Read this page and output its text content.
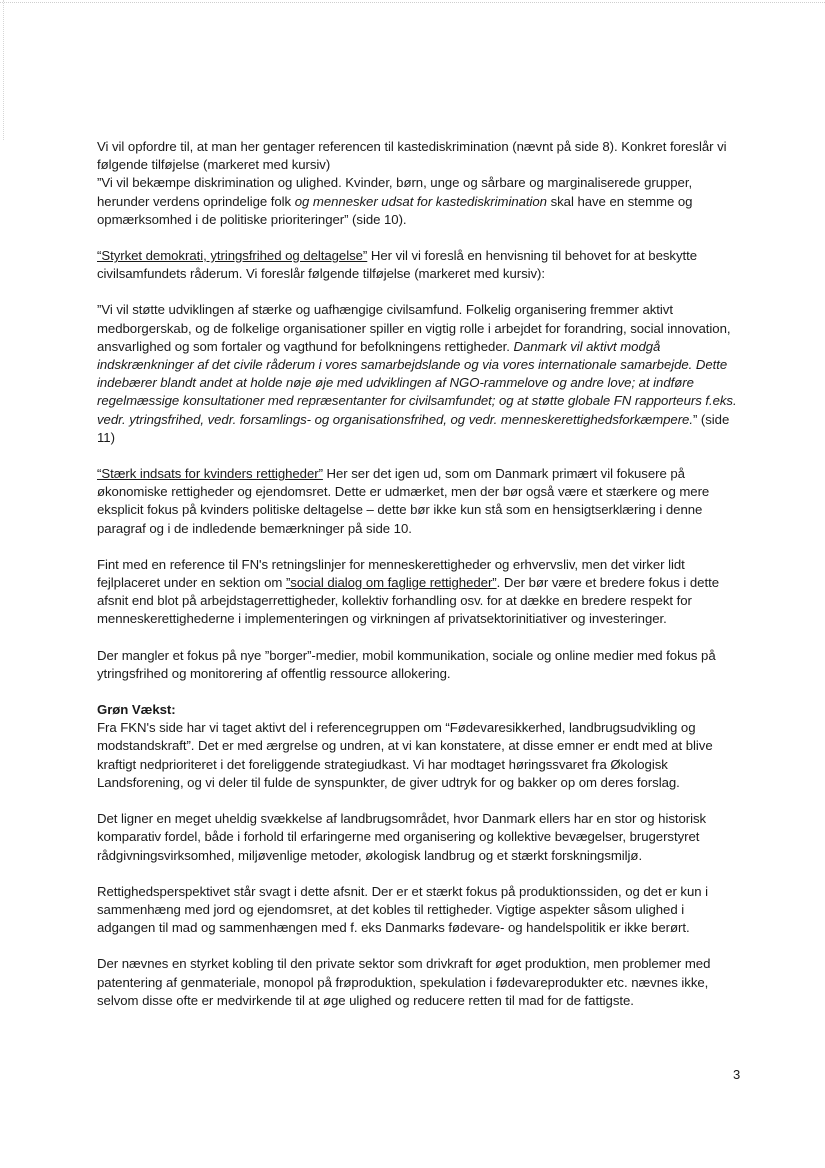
Vi vil opfordre til, at man her gentager referencen til kastediskrimination (nævnt på side 8). Konkret foreslår vi følgende tilføjelse (markeret med kursiv)
”Vi vil bekæmpe diskrimination og ulighed. Kvinder, børn, unge og sårbare og marginaliserede grupper, herunder verdens oprindelige folk og mennesker udsat for kastediskrimination skal have en stemme og opmærksomhed i de politiske prioriteringer” (side 10).

“Styrket demokrati, ytringsfrihed og deltagelse” Her vil vi foreslå en henvisning til behovet for at beskytte civilsamfundets råderum. Vi foreslår følgende tilføjelse (markeret med kursiv):

”Vi vil støtte udviklingen af stærke og uafhængige civilsamfund. Folkelig organisering fremmer aktivt medborgerskab, og de folkelige organisationer spiller en vigtig rolle i arbejdet for forandring, social innovation, ansvarlighed og som fortaler og vagthund for befolkningens rettigheder. Danmark vil aktivt modgå indskrænkninger af det civile råderum i vores samarbejdslande og via vores internationale samarbejde. Dette indebærer blandt andet at holde nøje øje med udviklingen af NGO-rammelove og andre love; at indføre regelmæssige konsultationer med repræsentanter for civilsamfundet; og at støtte globale FN rapporteurs f.eks. vedr. ytringsfrihed, vedr. forsamlings- og organisationsfrihed, og vedr. menneskerettighedsforkæmpere.” (side 11)

“Stærk indsats for kvinders rettigheder” Her ser det igen ud, som om Danmark primært vil fokusere på økonomiske rettigheder og ejendomsret. Dette er udmærket, men der bør også være et stærkere og mere eksplicit fokus på kvinders politiske deltagelse – dette bør ikke kun stå som en hensigtserklæring i denne paragraf og i de indledende bemærkninger på side 10.

Fint med en reference til FN's retningslinjer for menneskerettigheder og erhvervsliv, men det virker lidt fejlplaceret under en sektion om ”social dialog om faglige rettigheder”. Der bør være et bredere fokus i dette afsnit end blot på arbejdstagerrettigheder, kollektiv forhandling osv. for at dække en bredere respekt for menneskerettighederne i implementeringen og virkningen af privatsektorinitiativer og investeringer.

Der mangler et fokus på nye ”borger”-medier, mobil kommunikation, sociale og online medier med fokus på ytringsfrihed og monitorering af offentlig ressource allokering.

Grøn Vækst:

Fra FKN's side har vi taget aktivt del i referencegruppen om “Fødevaresikkerhed, landbrugsudvikling og modstandskraft”. Det er med ærgrelse og undren, at vi kan konstatere, at disse emner er endt med at blive kraftigt nedprioriteret i det foreliggende strategiudkast. Vi har modtaget høringssvaret fra Økologisk Landsforening, og vi deler til fulde de synspunkter, de giver udtryk for og bakker op om deres forslag.

Det ligner en meget uheldig svækkelse af landbrugsområdet, hvor Danmark ellers har en stor og historisk komparativ fordel, både i forhold til erfaringerne med organisering og kollektive bevægelser, brugerstyret rådgivningsvirksomhed, miljøvenlige metoder, økologisk landbrug og et stærkt forskningsmiljø.

Rettighedsperspektivet står svagt i dette afsnit. Der er et stærkt fokus på produktionssiden, og det er kun i sammenhæng med jord og ejendomsret, at det kobles til rettigheder. Vigtige aspekter såsom ulighed i adgangen til mad og sammenhængen med f. eks Danmarks fødevare- og handelspolitik er ikke berørt.

Der nævnes en styrket kobling til den private sektor som drivkraft for øget produktion, men problemer med patentering af genmateriale, monopol på frøproduktion, spekulation i fødevareprodukter etc. nævnes ikke, selvom disse ofte er medvirkende til at øge ulighed og reducere retten til mad for de fattigste.

3
